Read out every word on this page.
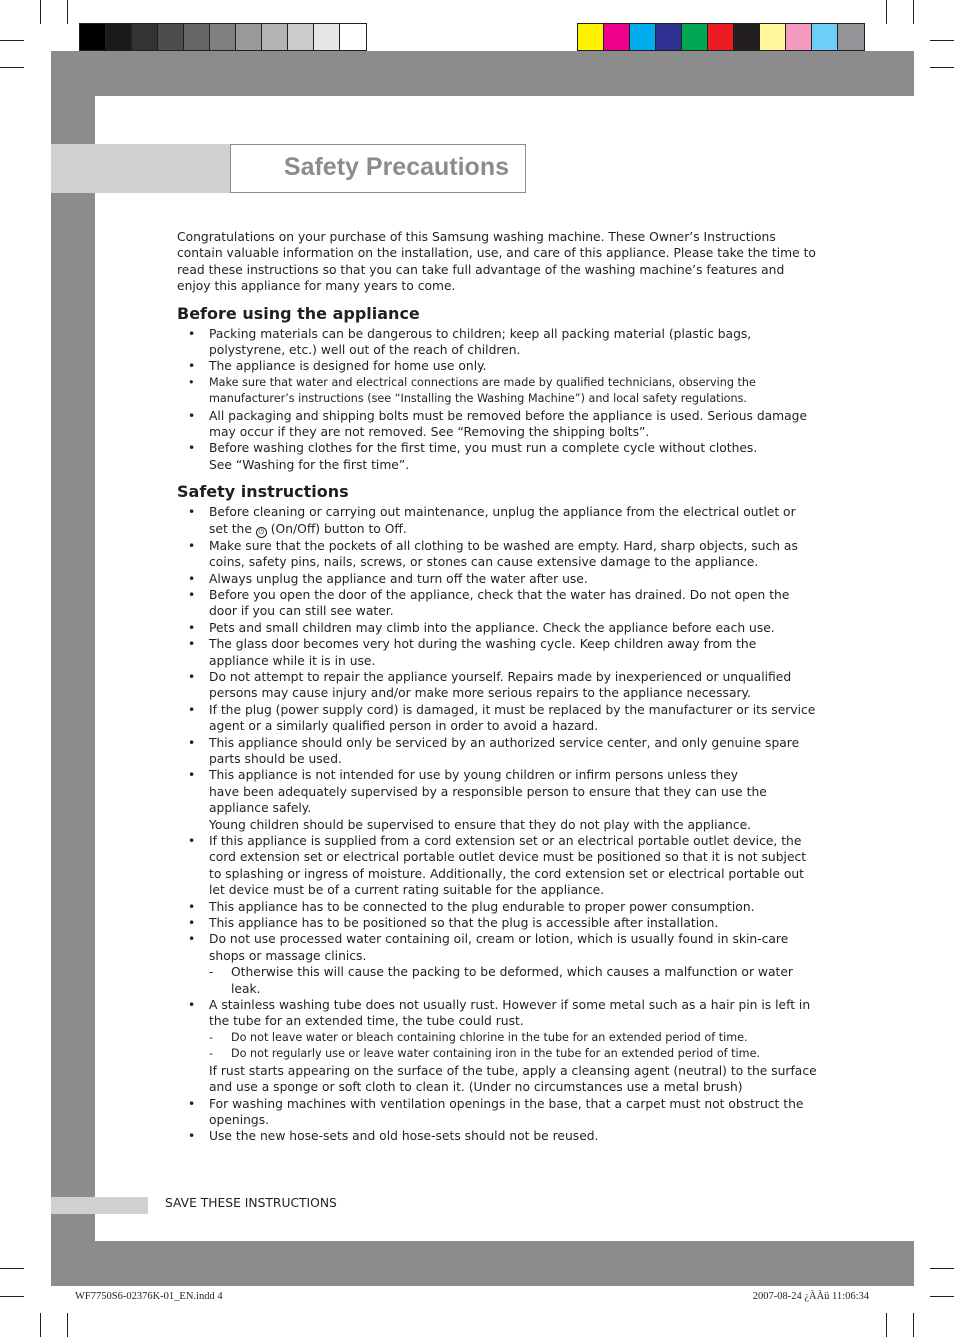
Safety Precautions

Congratulations on your purchase of this Samsung washing machine. These Owner’s Instructions contain valuable information on the installation, use, and care of this appliance. Please take the time to read these instructions so that you can take full advantage of the washing machine’s features and enjoy this appliance for many years to come.

Before using the appliance
• Packing materials can be dangerous to children; keep all packing material (plastic bags, polystyrene, etc.) well out of the reach of children.
• The appliance is designed for home use only.
• Make sure that water and electrical connections are made by qualified technicians, observing the manufacturer’s instructions (see “Installing the Washing Machine”) and local safety regulations.
• All packaging and shipping bolts must be removed before the appliance is used. Serious damage may occur if they are not removed. See “Removing the shipping bolts”.
• Before washing clothes for the first time, you must run a complete cycle without clothes.
See “Washing for the first time”.
Safety instructions
• Before cleaning or carrying out maintenance, unplug the appliance from the electrical outlet or set the ⏻ (On/Off) button to Off.
• Make sure that the pockets of all clothing to be washed are empty. Hard, sharp objects, such as coins, safety pins, nails, screws, or stones can cause extensive damage to the appliance.
• Always unplug the appliance and turn off the water after use.
• Before you open the door of the appliance, check that the water has drained. Do not open the door if you can still see water.
• Pets and small children may climb into the appliance. Check the appliance before each use.
• The glass door becomes very hot during the washing cycle. Keep children away from the appliance while it is in use.
• Do not attempt to repair the appliance yourself. Repairs made by inexperienced or unqualified persons may cause injury and/or make more serious repairs to the appliance necessary.
• If the plug (power supply cord) is damaged, it must be replaced by the manufacturer or its service agent or a similarly qualified person in order to avoid a hazard.
• This appliance should only be serviced by an authorized service center, and only genuine spare parts should be used.
• This appliance is not intended for use by young children or infirm persons unless they
have been adequately supervised by a responsible person to ensure that they can use the appliance safely.
Young children should be supervised to ensure that they do not play with the appliance.
• If this appliance is supplied from a cord extension set or an electrical portable outlet device, the cord extension set or electrical portable outlet device must be positioned so that it is not subject to splashing or ingress of moisture. Additionally, the cord extension set or electrical portable out let device must be of a current rating suitable for the appliance.
• This appliance has to be connected to the plug endurable to proper power consumption.
• This appliance has to be positioned so that the plug is accessible after installation.
• Do not use processed water containing oil, cream or lotion, which is usually found in skin-care shops or massage clinics.
- Otherwise this will cause the packing to be deformed, which causes a malfunction or water leak.
• A stainless washing tube does not usually rust. However if some metal such as a hair pin is left in the tube for an extended time, the tube could rust.
- Do not leave water or bleach containing chlorine in the tube for an extended period of time.
- Do not regularly use or leave water containing iron in the tube for an extended period of time.
If rust starts appearing on the surface of the tube, apply a cleansing agent (neutral) to the surface and use a sponge or soft cloth to clean it. (Under no circumstances use a metal brush)
• For washing machines with ventilation openings in the base, that a carpet must not obstruct the openings.
• Use the new hose-sets and old hose-sets should not be reused.
SAVE THESE INSTRUCTIONS
WF7750S6-02376K-01_EN.indd 4	2007-08-24 ¿ÀÀü 11:06:34
